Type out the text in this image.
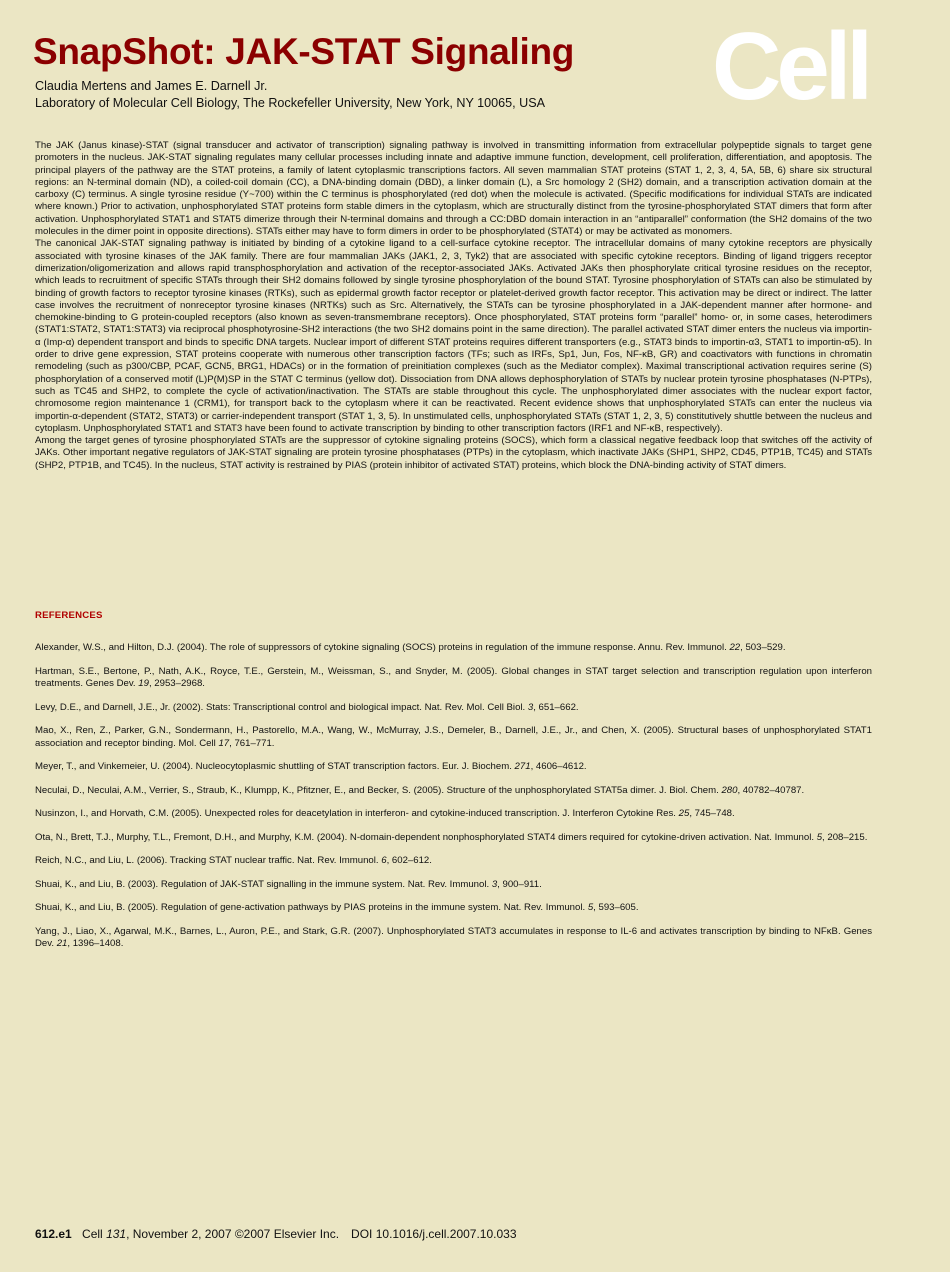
SnapShot: JAK-STAT Signaling
Claudia Mertens and James E. Darnell Jr.
Laboratory of Molecular Cell Biology, The Rockefeller University, New York, NY 10065, USA Cell

The JAK (Janus kinase)-STAT (signal transducer and activator of transcription) signaling pathway is involved in transmitting information from extracellular polypeptide signals to target gene promoters in the nucleus. JAK-STAT signaling regulates many cellular processes including innate and adaptive immune function, development, cell proliferation, differentiation, and apoptosis. The principal players of the pathway are the STAT proteins, a family of latent cytoplasmic transcriptions factors. All seven mammalian STAT proteins (STAT 1, 2, 3, 4, 5A, 5B, 6) share six structural regions: an N-terminal domain (ND), a coiled-coil domain (CC), a DNA-binding domain (DBD), a linker domain (L), a Src homology 2 (SH2) domain, and a transcription activation domain at the carboxy (C) terminus. A single tyrosine residue (Y~700) within the C terminus is phosphorylated (red dot) when the molecule is activated. (Specific modifications for individual STATs are indicated where known.) Prior to activation, unphosphorylated STAT proteins form stable dimers in the cytoplasm, which are structurally distinct from the tyrosine-phosphorylated STAT dimers that form after activation. Unphosphorylated STAT1 and STAT5 dimerize through their N-terminal domains and through a CC:DBD domain interaction in an “antiparallel” conformation (the SH2 domains of the two molecules in the dimer point in opposite directions). STATs either may have to form dimers in order to be phosphorylated (STAT4) or may be activated as monomers.

The canonical JAK-STAT signaling pathway is initiated by binding of a cytokine ligand to a cell-surface cytokine receptor. The intracellular domains of many cytokine receptors are physically associated with tyrosine kinases of the JAK family. There are four mammalian JAKs (JAK1, 2, 3, Tyk2) that are associated with specific cytokine receptors. Binding of ligand triggers receptor dimerization/oligomerization and allows rapid transphosphorylation and activation of the receptor-associated JAKs. Activated JAKs then phosphorylate critical tyrosine residues on the receptor, which leads to recruitment of specific STATs through their SH2 domains followed by single tyrosine phosphorylation of the bound STAT. Tyrosine phosphorylation of STATs can also be stimulated by binding of growth factors to receptor tyrosine kinases (RTKs), such as epidermal growth factor receptor or platelet-derived growth factor receptor. This activation may be direct or indirect. The latter case involves the recruitment of nonreceptor tyrosine kinases (NRTKs) such as Src. Alternatively, the STATs can be tyrosine phosphorylated in a JAK-dependent manner after hormone- and chemokine-binding to G protein-coupled receptors (also known as seven-transmembrane receptors). Once phosphorylated, STAT proteins form “parallel” homo- or, in some cases, heterodimers (STAT1:STAT2, STAT1:STAT3) via reciprocal phosphotyrosine-SH2 interactions (the two SH2 domains point in the same direction). The parallel activated STAT dimer enters the nucleus via importin-α (Imp-α) dependent transport and binds to specific DNA targets. Nuclear import of different STAT proteins requires different transporters (e.g., STAT3 binds to importin-α3, STAT1 to importin-α5). In order to drive gene expression, STAT proteins cooperate with numerous other transcription factors (TFs; such as IRFs, Sp1, Jun, Fos, NF-κB, GR) and coactivators with functions in chromatin remodeling (such as p300/CBP, PCAF, GCN5, BRG1, HDACs) or in the formation of preinitiation complexes (such as the Mediator complex). Maximal transcriptional activation requires serine (S) phosphorylation of a conserved motif (L)P(M)SP in the STAT C terminus (yellow dot). Dissociation from DNA allows dephosphorylation of STATs by nuclear protein tyrosine phosphatases (N-PTPs), such as TC45 and SHP2, to complete the cycle of activation/inactivation. The STATs are stable throughout this cycle. The unphosphorylated dimer associates with the nuclear export factor, chromosome region maintenance 1 (CRM1), for transport back to the cytoplasm where it can be reactivated. Recent evidence shows that unphosphorylated STATs can enter the nucleus via importin-α-dependent (STAT2, STAT3) or carrier-independent transport (STAT 1, 3, 5). In unstimulated cells, unphosphorylated STATs (STAT 1, 2, 3, 5) constitutively shuttle between the nucleus and cytoplasm. Unphosphorylated STAT1 and STAT3 have been found to activate transcription by binding to other transcription factors (IRF1 and NF-κB, respectively).

Among the target genes of tyrosine phosphorylated STATs are the suppressor of cytokine signaling proteins (SOCS), which form a classical negative feedback loop that switches off the activity of JAKs. Other important negative regulators of JAK-STAT signaling are protein tyrosine phosphatases (PTPs) in the cytoplasm, which inactivate JAKs (SHP1, SHP2, CD45, PTP1B, TC45) and STATs (SHP2, PTP1B, and TC45). In the nucleus, STAT activity is restrained by PIAS (protein inhibitor of activated STAT) proteins, which block the DNA-binding activity of STAT dimers.

REFERENCES

Alexander, W.S., and Hilton, D.J. (2004). The role of suppressors of cytokine signaling (SOCS) proteins in regulation of the immune response. Annu. Rev. Immunol. 22, 503–529.

Hartman, S.E., Bertone, P., Nath, A.K., Royce, T.E., Gerstein, M., Weissman, S., and Snyder, M. (2005). Global changes in STAT target selection and transcription regulation upon interferon treatments. Genes Dev. 19, 2953–2968.

Levy, D.E., and Darnell, J.E., Jr. (2002). Stats: Transcriptional control and biological impact. Nat. Rev. Mol. Cell Biol. 3, 651–662.

Mao, X., Ren, Z., Parker, G.N., Sondermann, H., Pastorello, M.A., Wang, W., McMurray, J.S., Demeler, B., Darnell, J.E., Jr., and Chen, X. (2005). Structural bases of unphosphorylated STAT1 association and receptor binding. Mol. Cell 17, 761–771.

Meyer, T., and Vinkemeier, U. (2004). Nucleocytoplasmic shuttling of STAT transcription factors. Eur. J. Biochem. 271, 4606–4612.

Neculai, D., Neculai, A.M., Verrier, S., Straub, K., Klumpp, K., Pfitzner, E., and Becker, S. (2005). Structure of the unphosphorylated STAT5a dimer. J. Biol. Chem. 280, 40782–40787.

Nusinzon, I., and Horvath, C.M. (2005). Unexpected roles for deacetylation in interferon- and cytokine-induced transcription. J. Interferon Cytokine Res. 25, 745–748.

Ota, N., Brett, T.J., Murphy, T.L., Fremont, D.H., and Murphy, K.M. (2004). N-domain-dependent nonphosphorylated STAT4 dimers required for cytokine-driven activation. Nat. Immunol. 5, 208–215.

Reich, N.C., and Liu, L. (2006). Tracking STAT nuclear traffic. Nat. Rev. Immunol. 6, 602–612.

Shuai, K., and Liu, B. (2003). Regulation of JAK-STAT signalling in the immune system. Nat. Rev. Immunol. 3, 900–911.

Shuai, K., and Liu, B. (2005). Regulation of gene-activation pathways by PIAS proteins in the immune system. Nat. Rev. Immunol. 5, 593–605.

Yang, J., Liao, X., Agarwal, M.K., Barnes, L., Auron, P.E., and Stark, G.R. (2007). Unphosphorylated STAT3 accumulates in response to IL-6 and activates transcription by binding to NFκB. Genes Dev. 21, 1396–1408.

612.e1 Cell 131, November 2, 2007 ©2007 Elsevier Inc. DOI 10.1016/j.cell.2007.10.033
